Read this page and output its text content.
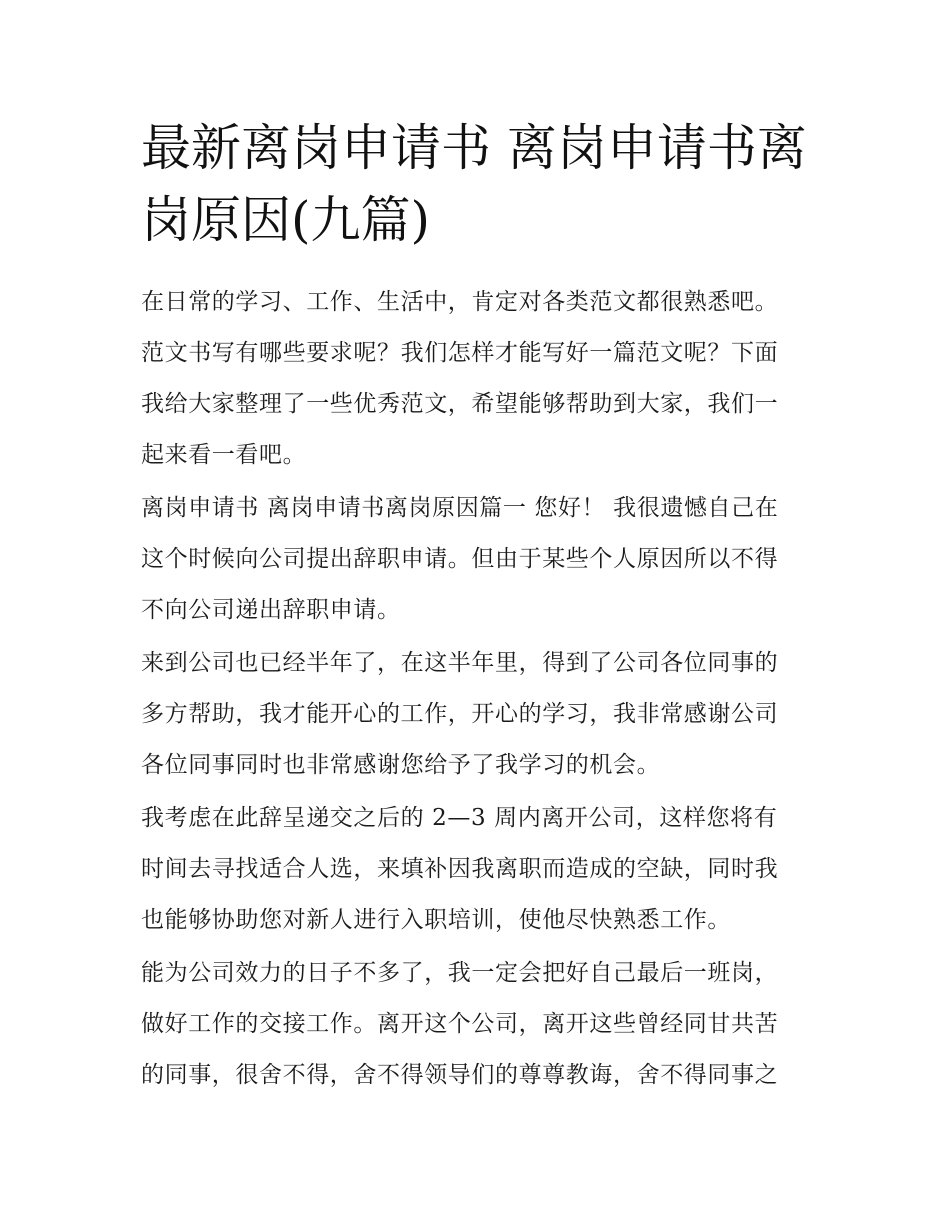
最新离岗申请书 离岗申请书离
岗原因(九篇)
在日常的学习、工作、生活中，肯定对各类范文都很熟悉吧。
范文书写有哪些要求呢？我们怎样才能写好一篇范文呢？下面
我给大家整理了一些优秀范文，希望能够帮助到大家，我们一
起来看一看吧。
离岗申请书 离岗申请书离岗原因篇一 您好！ 我很遗憾自己在
这个时候向公司提出辞职申请。但由于某些个人原因所以不得
不向公司递出辞职申请。
来到公司也已经半年了，在这半年里，得到了公司各位同事的
多方帮助，我才能开心的工作，开心的学习，我非常感谢公司
各位同事同时也非常感谢您给予了我学习的机会。
我考虑在此辞呈递交之后的 2—3 周内离开公司，这样您将有
时间去寻找适合人选，来填补因我离职而造成的空缺，同时我
也能够协助您对新人进行入职培训，使他尽快熟悉工作。
能为公司效力的日子不多了，我一定会把好自己最后一班岗，
做好工作的交接工作。离开这个公司，离开这些曾经同甘共苦
的同事，很舍不得，舍不得领导们的尊尊教诲，舍不得同事之
